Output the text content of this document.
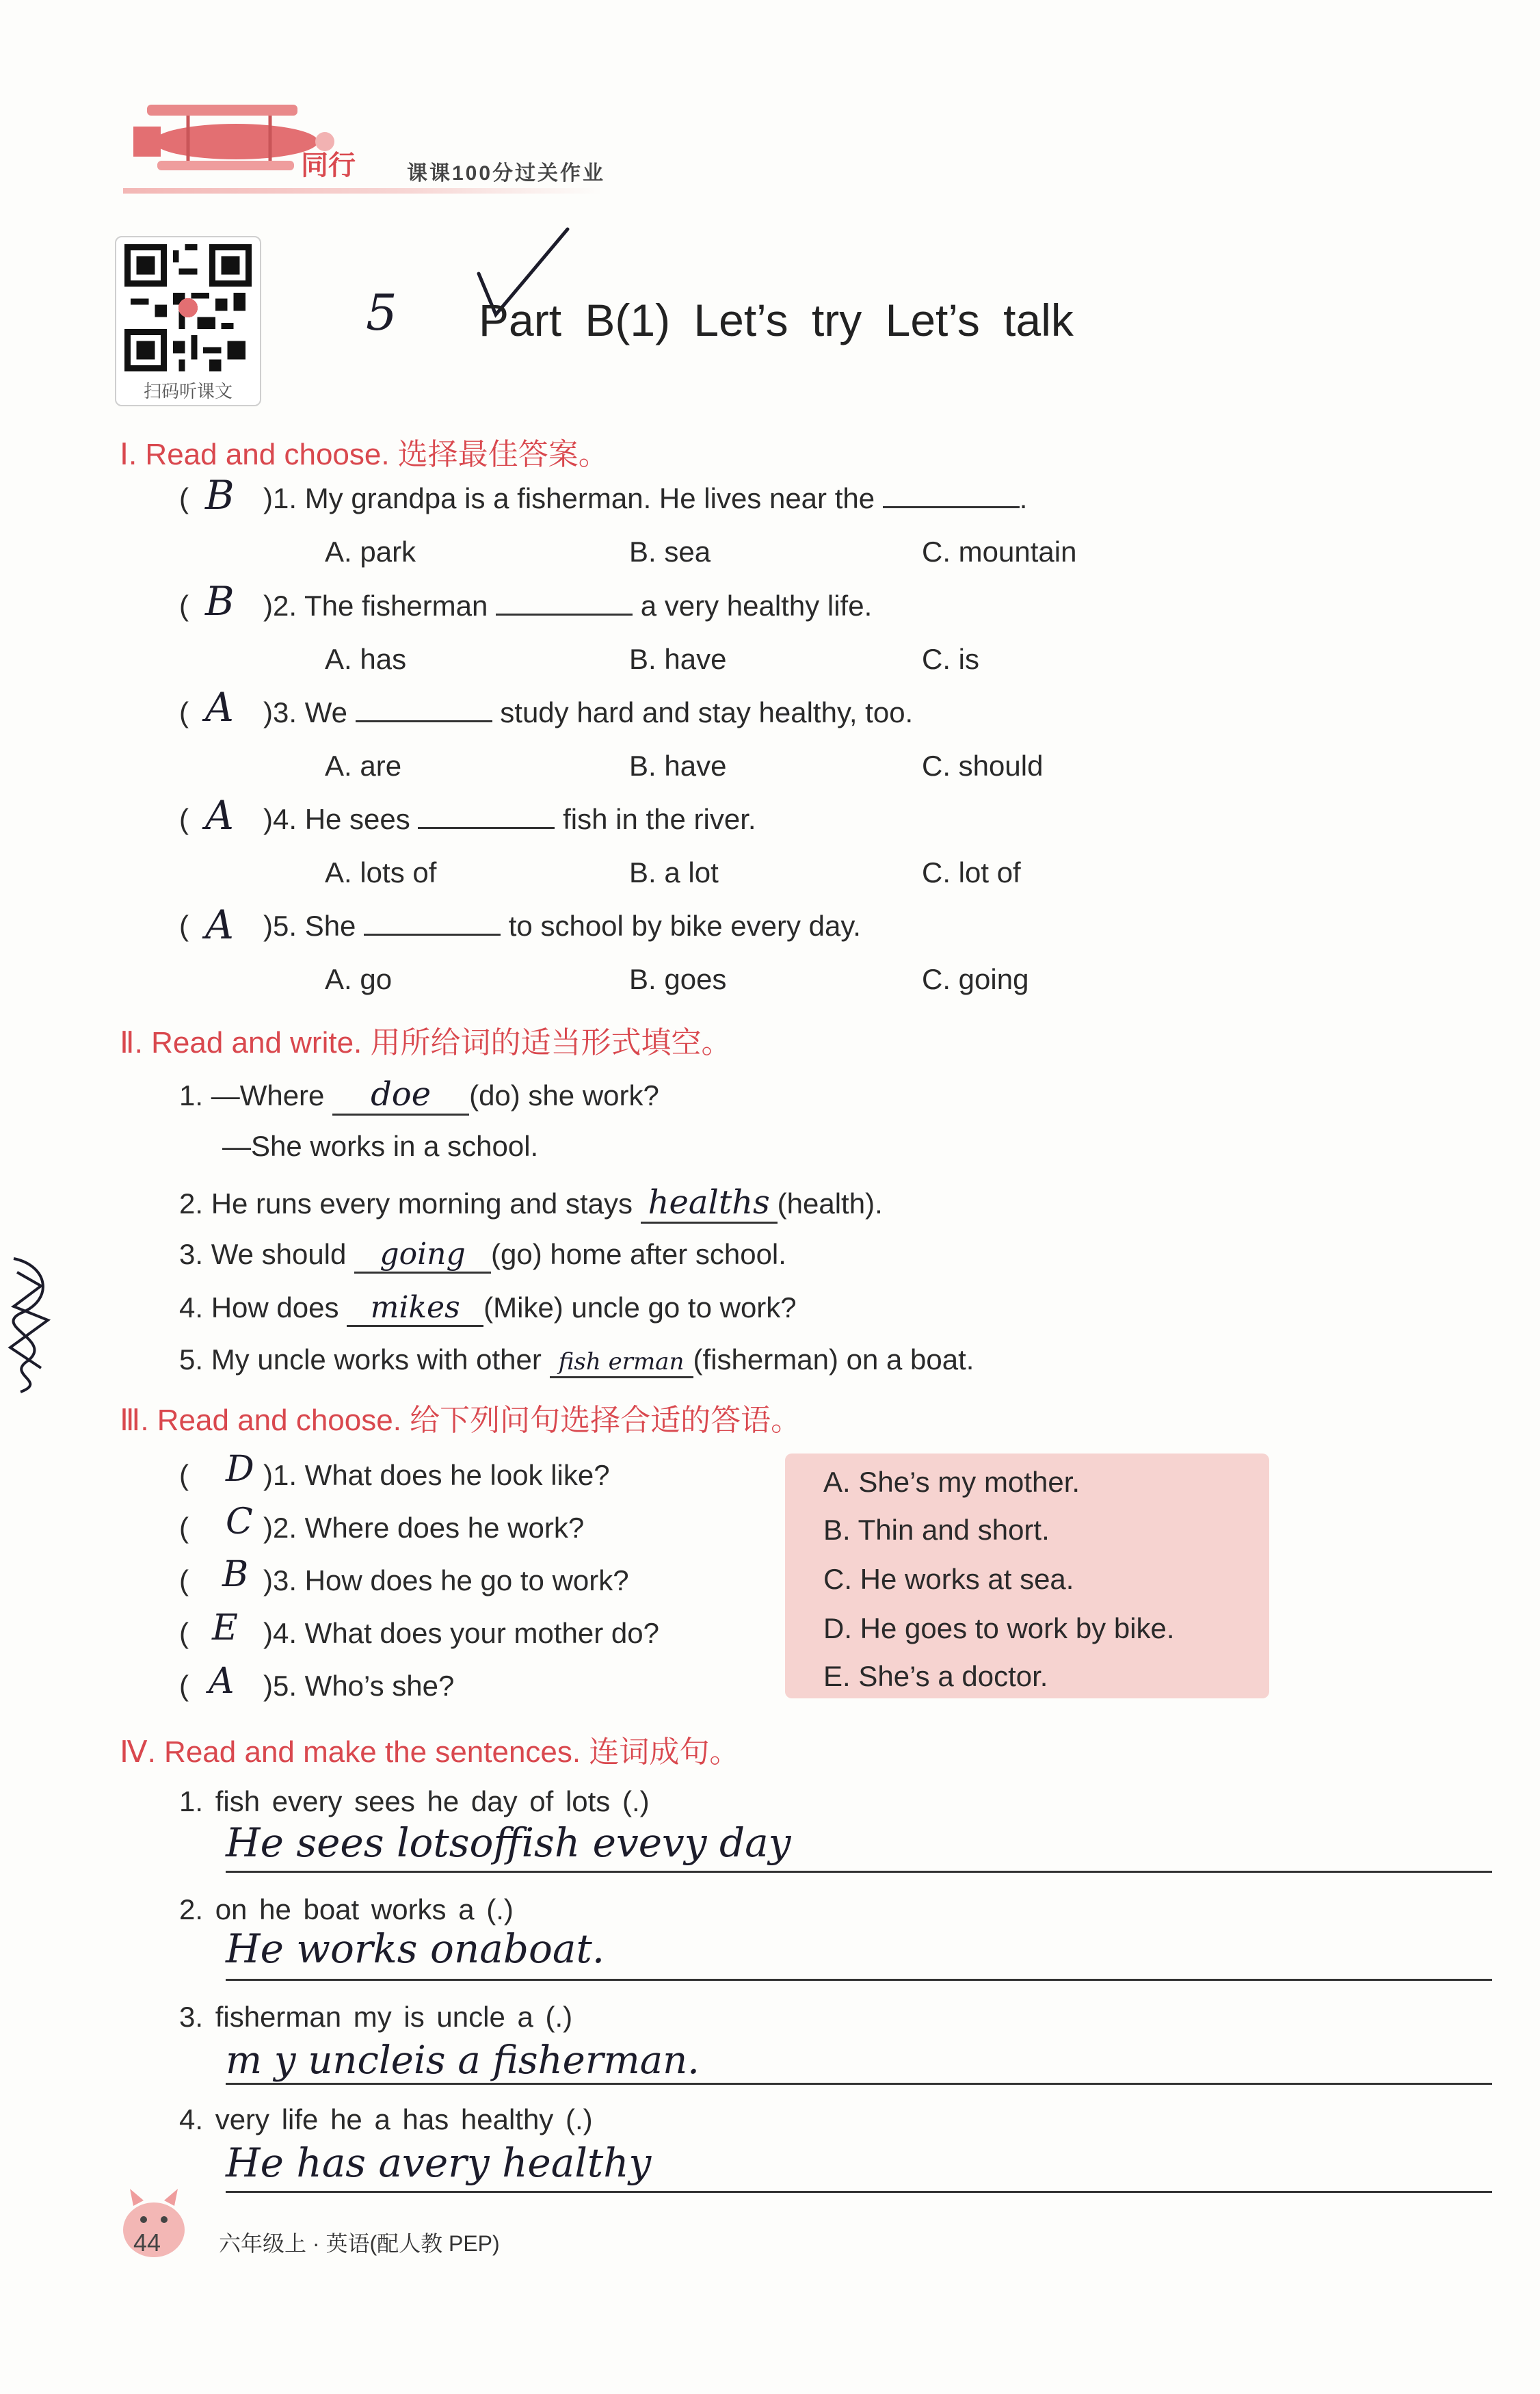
同行	课课100分过关作业
扫码听课文
5 Part B(1) Let’s try Let’s talk
Ⅰ. Read and choose. 选择最佳答案。
( B )1. My grandpa is a fisherman. He lives near the	.
A. park	B. sea	C. mountain
( B )2. The fisherman	a very healthy life.
A. has	B. have	C. is
( A )3. We	study hard and stay healthy, too.
A. are	B. have	C. should
( A )4. He sees	fish in the river.
A. lots of	B. a lot	C. lot of
( A )5. She	to school by bike every day.
A. go	B. goes	C. going
Ⅱ. Read and write. 用所给词的适当形式填空。
1. —Where doe (do) she work?
—She works in a school.
2. He runs every morning and stays healths (health).
3. We should going (go) home after school.
4. How does mikes (Mike) uncle go to work?
5. My uncle works with other fish erman (fisherman) on a boat.
Ⅲ. Read and choose. 给下列问句选择合适的答语。
( D )1. What does he look like?
( C )2. Where does he work?
( B )3. How does he go to work?
( E )4. What does your mother do?
( A )5. Who’s she?
A. She’s my mother.
B. Thin and short.
C. He works at sea.
D. He goes to work by bike.
E. She’s a doctor.
Ⅳ. Read and make the sentences. 连词成句。
1. fish every sees he day of lots (.)
He sees lotsoffish evevy day
2. on he boat works a (.)
He works onaboat.
3. fisherman my is uncle a (.)
m y uncleis a fisherman.
4. very life he a has healthy (.)
He has avery healthy
44	六年级上 · 英语(配人教 PEP)
